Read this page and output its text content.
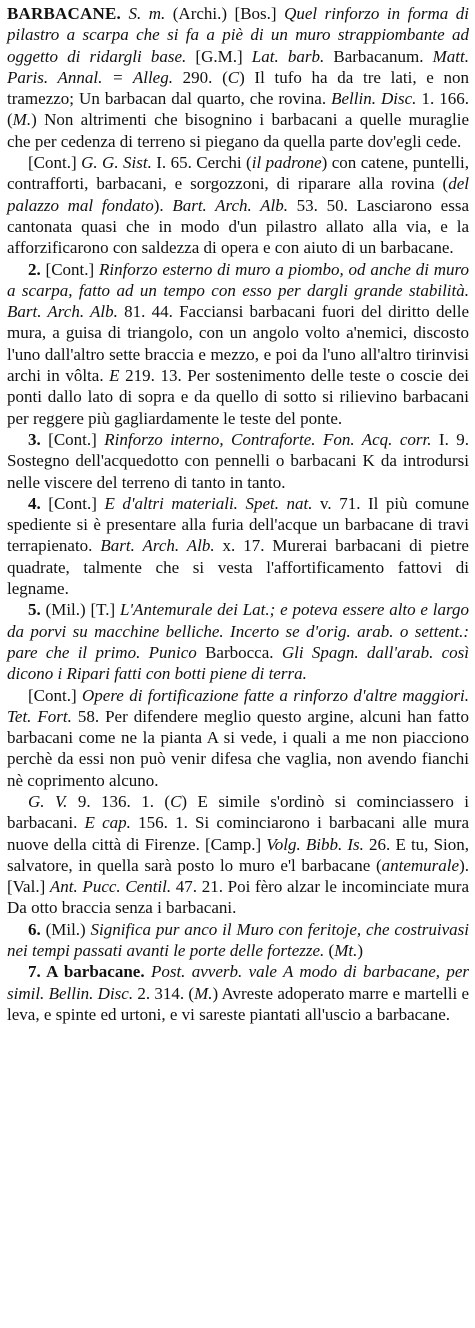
BARBACANE. S. m. (Archi.) [Bos.] Quel rinforzo in forma di pilastro a scarpa che si fa a piè di un muro strappiombante ad oggetto di ridargli base. [G.M.] Lat. barb. Barbacanum. Matt. Paris. Annal. = Alleg. 290. (C) Il tufo ha da tre lati, e non tramezzo; Un barbacan dal quarto, che rovina. Bellin. Disc. 1. 166. (M.) Non altrimenti che bisognino i barbacani a quelle muraglie che per cedenza di terreno si piegano da quella parte dov'egli cede.

[Cont.] G. G. Sist. I. 65. Cerchi (il padrone) con catene, puntelli, contrafforti, barbacani, e sorgozzoni, di riparare alla rovina (del palazzo mal fondato). Bart. Arch. Alb. 53. 50. Lasciarono essa cantonata quasi che in modo d'un pilastro allato alla via, e la afforzificarono con saldezza di opera e con aiuto di un barbacane.

2. [Cont.] Rinforzo esterno di muro a piombo, od anche di muro a scarpa, fatto ad un tempo con esso per dargli grande stabilità. Bart. Arch. Alb. 81. 44. Facciansi barbacani fuori del diritto delle mura, a guisa di triangolo, con un angolo volto a'nemici, discosto l'uno dall'altro sette braccia e mezzo, e poi da l'uno all'altro tirinvisi archi in vôlta. E 219. 13. Per sostenimento delle teste o coscie dei ponti dallo lato di sopra e da quello di sotto si rilievino barbacani per reggere più gagliardamente le teste del ponte.

3. [Cont.] Rinforzo interno, Contraforte. Fon. Acq. corr. I. 9. Sostegno dell'acquedotto con pennelli o barbacani K da introdursi nelle viscere del terreno di tanto in tanto.

4. [Cont.] E d'altri materiali. Spet. nat. v. 71. Il più comune spediente si è presentare alla furia dell'acque un barbacane di travi terrapienato. Bart. Arch. Alb. x. 17. Murerai barbacani di pietre quadrate, talmente che si vesta l'affortificamento fattovi di legname.

5. (Mil.) [T.] L'Antemurale dei Lat.; e poteva essere alto e largo da porvi su macchine belliche. Incerto se d'orig. arab. o settent.: pare che il primo. Punico Barbocca. Gli Spagn. dall'arab. così dicono i Ripari fatti con botti piene di terra.

[Cont.] Opere di fortificazione fatte a rinforzo d'altre maggiori. Tet. Fort. 58. Per difendere meglio questo argine, alcuni han fatto barbacani come ne la pianta A si vede, i quali a me non piacciono perchè da essi non può venir difesa che vaglia, non avendo fianchi nè coprimento alcuno.

G. V. 9. 136. 1. (C) E simile s'ordinò si cominciassero i barbacani. E cap. 156. 1. Si cominciarono i barbacani alle mura nuove della città di Firenze. [Camp.] Volg. Bibb. Is. 26. E tu, Sion, salvatore, in quella sarà posto lo muro e'l barbacane (antemurale). [Val.] Ant. Pucc. Centil. 47. 21. Poi fèro alzar le incominciate mura Da otto braccia senza i barbacani.

6. (Mil.) Significa pur anco il Muro con feritoje, che costruivasi nei tempi passati avanti le porte delle fortezze. (Mt.)

7. A barbacane. Post. avverb. vale A modo di barbacane, per simil. Bellin. Disc. 2. 314. (M.) Avreste adoperato marre e martelli e leva, e spinte ed urtoni, e vi sareste piantati all'uscio a barbacane.
